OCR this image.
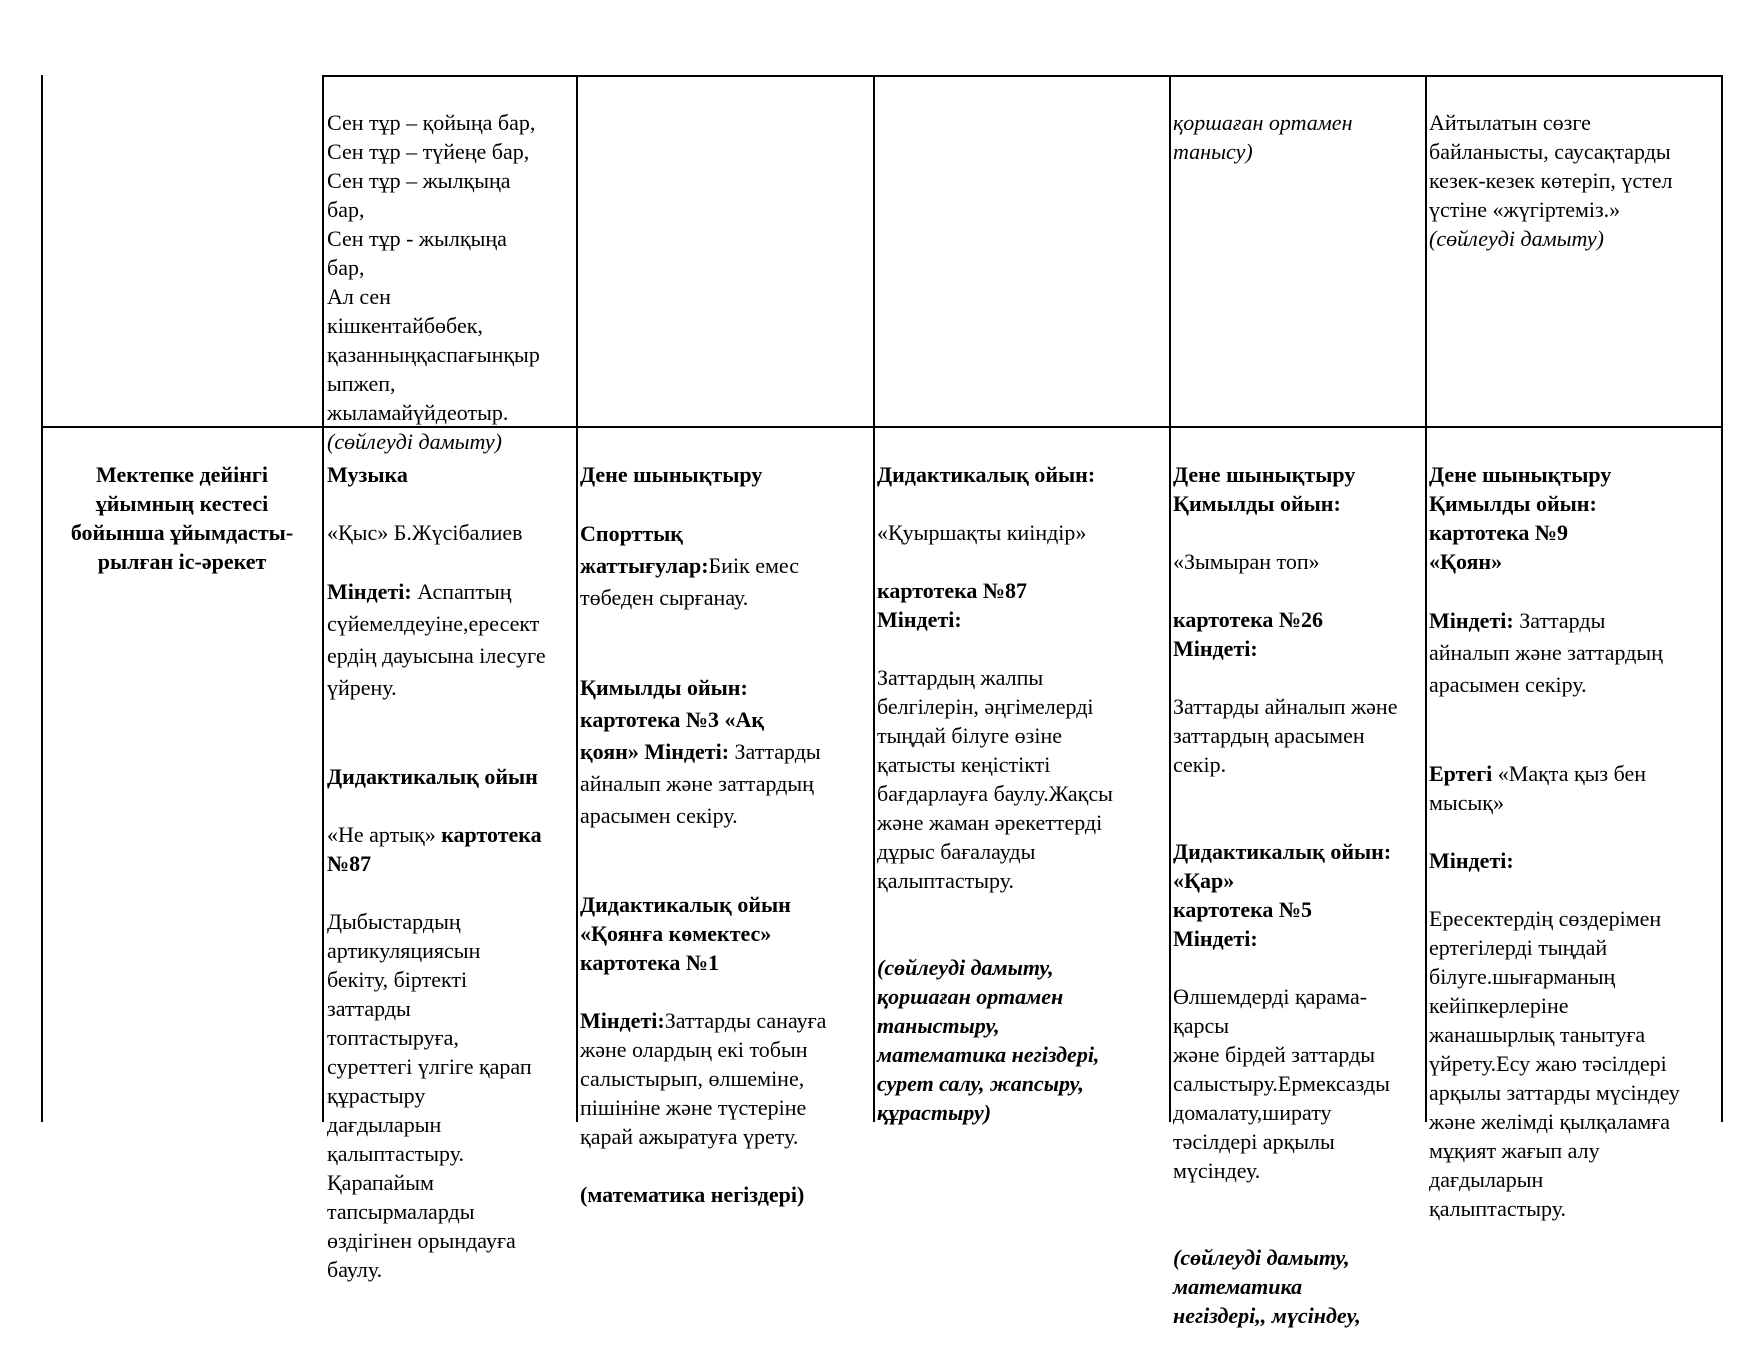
Сен тұр – қойыңа бар,
Сен тұр – түйеңе бар,
Сен тұр – жылқыңа
бар,
Сен тұр - жылқыңа
бар,
Ал сен
кішкентайбөбек,
қазанныңқаспағынқыр
ыпжеп,
жыламайүйдеотыр.
(сөйлеуді дамыту)

қоршаған ортамен
танысу)

Айтылатын сөзге
байланысты, саусақтарды
кезек-кезек көтеріп, үстел
үстіне «жүгіртеміз.»
(сөйлеуді дамыту)

Мектепке дейінгі
ұйымның кестесі
бойынша ұйымдасты-
рылған іс-әрекет

Музыка

«Қыс» Б.Жүсібалиев

Міндеті: Аспаптың
сүйемелдеуіне,ересект
ердің дауысына ілесуге
үйрену.

Дидактикалық ойын

«Не артық» картотека
№87

Дыбыстардың
артикуляциясын
бекіту, біртекті
заттарды
топтастыруға,
суреттегі үлгіге қарап
құрастыру
дағдыларын
қалыптастыру.
Қарапайым
тапсырмаларды
өздігінен орындауға
баулу.

Дене шынықтыру

Спорттық
жаттығулар:Биік емес
төбеден сырғанау.

Қимылды ойын:
картотека №3 «Ақ
қоян» Міндеті: Заттарды
айналып және заттардың
арасымен секіру.

Дидактикалық ойын
«Қоянға көмектес»
картотека №1

Міндеті:Заттарды санауға
және олардың екі тобын
салыстырып, өлшеміне,
пішініне және түстеріне
қарай ажыратуға үрету.

(математика негіздері)

Дидактикалық ойын:

«Қуыршақты киіндір»

картотека №87
Міндеті:

Заттардың жалпы
белгілерін, әңгімелерді
тыңдай білуге өзіне
қатысты кеңістікті
бағдарлауға баулу.Жақсы
және жаман әрекеттерді
дұрыс бағалауды
қалыптастыру.

(сөйлеуді дамыту,
қоршаған ортамен
таныстыру,
математика негіздері,
сурет салу, жапсыру,
құрастыру)

Дене шынықтыру
Қимылды ойын:

«Зымыран топ»

картотека №26
Міндеті:

Заттарды айналып және
заттардың арасымен
секір.

Дидактикалық ойын:
«Қар»
картотека №5
Міндеті:

Өлшемдерді қарама-
қарсы
және бірдей заттарды
салыстыру.Ермексазды
домалату,ширату
тәсілдері арқылы
мүсіндеу.

(сөйлеуді дамыту,
математика
негіздері,, мүсіндеу,

Дене шынықтыру
Қимылды ойын:
картотека №9
«Қоян»

Міндеті: Заттарды
айналып және заттардың
арасымен секіру.

Ертегі «Мақта қыз бен
мысық»

Міндеті:

Ересектердің сөздерімен
ертегілерді тыңдай
білуге.шығарманың
кейіпкерлеріне
жанашырлық танытуға
үйрету.Есу жаю тәсілдері
арқылы заттарды мүсіндеу
және желімді қылқаламға
мұқият жағып алу
дағдыларын
қалыптастыру.
